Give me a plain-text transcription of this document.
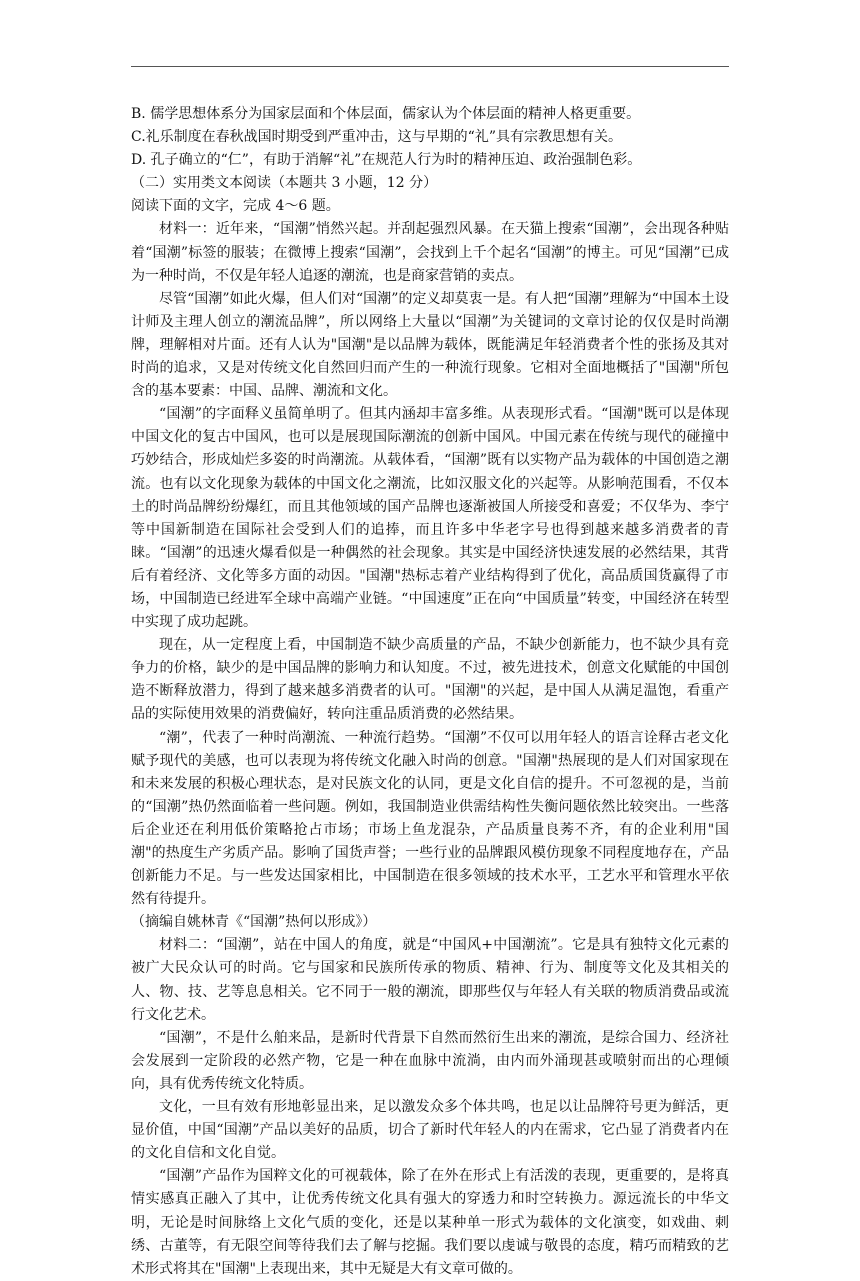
B. 儒学思想体系分为国家层面和个体层面，儒家认为个体层面的精神人格更重要。

C.礼乐制度在春秋战国时期受到严重冲击，这与早期的“礼”具有宗教思想有关。

D. 孔子确立的“仁”，有助于消解“礼”在规范人行为时的精神压迫、政治强制色彩。

（二）实用类文本阅读（本题共 3 小题，12 分）

阅读下面的文字，完成 4～6 题。

材料一：近年来，“国潮”悄然兴起。并刮起强烈风暴。在天猫上搜索“国潮”，会出现各种贴着“国潮”标签的服装；在微博上搜索“国潮”，会找到上千个起名“国潮”的博主。可见“国潮”已成为一种时尚，不仅是年轻人追逐的潮流，也是商家营销的卖点。

尽管“国潮”如此火爆，但人们对“国潮”的定义却莫衷一是。有人把“国潮”理解为“中国本土设计师及主理人创立的潮流品牌”，所以网络上大量以“国潮”为关键词的文章讨论的仅仅是时尚潮牌，理解相对片面。还有人认为"国潮"是以品牌为载体，既能满足年轻消费者个性的张扬及其对时尚的追求，又是对传统文化自然回归而产生的一种流行现象。它相对全面地概括了"国潮"所包含的基本要素：中国、品牌、潮流和文化。

“国潮”的字面释义虽简单明了。但其内涵却丰富多维。从表现形式看。“国潮"既可以是体现中国文化的复古中国风，也可以是展现国际潮流的创新中国风。中国元素在传统与现代的碰撞中巧妙结合，形成灿烂多姿的时尚潮流。从载体看，“国潮”既有以实物产品为载体的中国创造之潮流。也有以文化现象为载体的中国文化之潮流，比如汉服文化的兴起等。从影响范围看，不仅本土的时尚品牌纷纷爆红，而且其他领域的国产品牌也逐渐被国人所接受和喜爱；不仅华为、李宁等中国新制造在国际社会受到人们的追捧，而且许多中华老字号也得到越来越多消费者的青睐。“国潮”的迅速火爆看似是一种偶然的社会现象。其实是中国经济快速发展的必然结果，其背后有着经济、文化等多方面的动因。"国潮"热标志着产业结构得到了优化，高品质国货赢得了市场，中国制造已经进军全球中高端产业链。“中国速度”正在向“中国质量”转变，中国经济在转型中实现了成功起跳。

现在，从一定程度上看，中国制造不缺少高质量的产品，不缺少创新能力，也不缺少具有竞争力的价格，缺少的是中国品牌的影响力和认知度。不过，被先进技术，创意文化赋能的中国创造不断释放潜力，得到了越来越多消费者的认可。"国潮"的兴起，是中国人从满足温饱，看重产品的实际使用效果的消费偏好，转向注重品质消费的必然结果。

“潮”，代表了一种时尚潮流、一种流行趋势。“国潮”不仅可以用年轻人的语言诠释古老文化赋予现代的美感，也可以表现为将传统文化融入时尚的创意。"国潮"热展现的是人们对国家现在和未来发展的积极心理状态，是对民族文化的认同，更是文化自信的提升。不可忽视的是，当前的“国潮”热仍然面临着一些问题。例如，我国制造业供需结构性失衡问题依然比较突出。一些落后企业还在利用低价策略抢占市场；市场上鱼龙混杂，产品质量良莠不齐，有的企业利用"国潮"的热度生产劣质产品。影响了国货声誉；一些行业的品牌跟风模仿现象不同程度地存在，产品创新能力不足。与一些发达国家相比，中国制造在很多领域的技术水平，工艺水平和管理水平依然有待提升。

（摘编自姚林青《“国潮”热何以形成》）

材料二：“国潮”，站在中国人的角度，就是“中国风+中国潮流”。它是具有独特文化元素的被广大民众认可的时尚。它与国家和民族所传承的物质、精神、行为、制度等文化及其相关的人、物、技、艺等息息相关。它不同于一般的潮流，即那些仅与年轻人有关联的物质消费品或流行文化艺术。

“国潮”，不是什么舶来品，是新时代背景下自然而然衍生出来的潮流，是综合国力、经济社会发展到一定阶段的必然产物，它是一种在血脉中流淌，由内而外涌现甚或喷射而出的心理倾向，具有优秀传统文化特质。

文化，一旦有效有形地彰显出来，足以激发众多个体共鸣，也足以让品牌符号更为鲜活，更显价值，中国“国潮”产品以美好的品质，切合了新时代年轻人的内在需求，它凸显了消费者内在的文化自信和文化自觉。

“国潮”产品作为国粹文化的可视载体，除了在外在形式上有活泼的表现，更重要的，是将真情实感真正融入了其中，让优秀传统文化具有强大的穿透力和时空转换力。源远流长的中华文明，无论是时间脉络上文化气质的变化，还是以某种单一形式为载体的文化演变，如戏曲、刺绣、古董等，有无限空间等待我们去了解与挖掘。我们要以虔诚与敬畏的态度，精巧而精致的艺术形式将其在"国潮"上表现出来，其中无疑是大有文章可做的。
